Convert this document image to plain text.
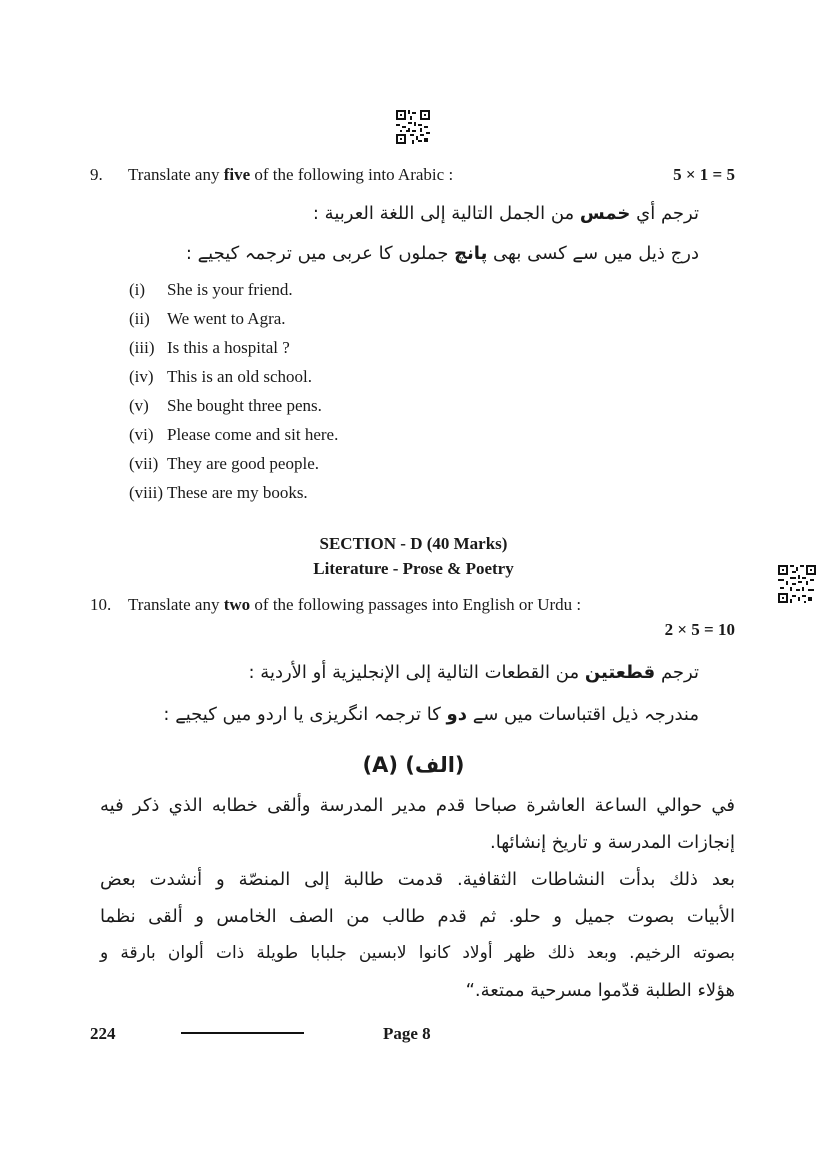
9. Translate any five of the following into Arabic :	5 × 1 = 5
ترجم أي خمس من الجمل التالية إلى اللغة العربية :
درج ذیل میں سے کسی بھی پانچ جملوں کا عربی میں ترجمہ کیجیے :
(i) She is your friend.
(ii) We went to Agra.
(iii) Is this a hospital ?
(iv) This is an old school.
(v) She bought three pens.
(vi) Please come and sit here.
(vii) They are good people.
(viii) These are my books.
SECTION - D (40 Marks)
Literature - Prose & Poetry
10. Translate any two of the following passages into English or Urdu :
2 × 5 = 10
ترجم قطعتين من القطعات التالية إلى الإنجليزية أو الأردية :
مندرجہ ذیل اقتباسات میں سے دو کا ترجمہ انگریزی یا اردو میں کیجیے :
(الف) (A)
في حوالي الساعة العاشرة صباحا قدم مدير المدرسة وألقى خطابه الذي ذكر فيه
إنجازات المدرسة و تاريخ إنشائها.
بعد ذلك بدأت النشاطات الثقافية. قدمت طالبة إلى المنصّة و أنشدت بعض
الأبيات بصوت جميل و حلو. ثم قدم طالب من الصف الخامس و ألقى نظما
بصوته الرخيم. وبعد ذلك ظهر أولاد كانوا لابسين جلبابا طويلة ذات ألوان بارقة و
هؤلاء الطلبة قدّموا مسرحية ممتعة.“
224	Page 8
